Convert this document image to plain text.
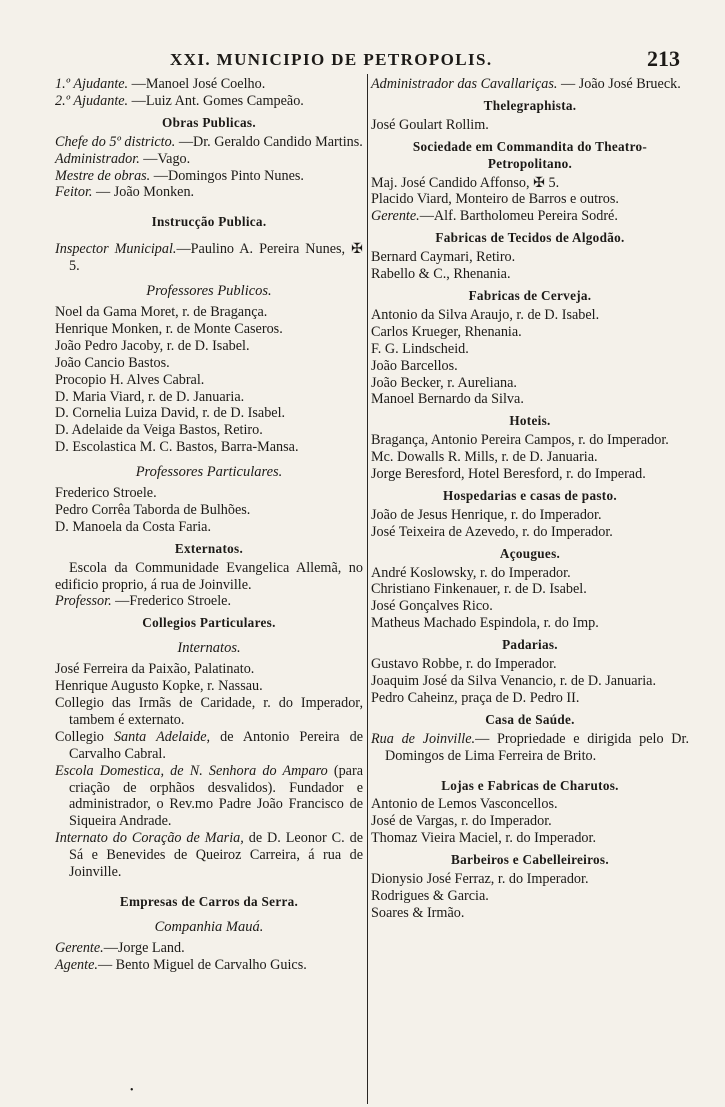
XXI. MUNICIPIO DE PETROPOLIS.	213
1.º Ajudante. —Manoel José Coelho.
2.º Ajudante. —Luiz Ant. Gomes Campeão.
Obras Publicas.
Chefe do 5º districto. —Dr. Geraldo Candido Martins.
Administrador. —Vago.
Mestre de obras. —Domingos Pinto Nunes.
Feitor. — João Monken.
Instrucção Publica.
Inspector Municipal.—Paulino A. Pereira Nunes, ✠ 5.
Professores Publicos.
Noel da Gama Moret, r. de Bragança.
Henrique Monken, r. de Monte Caseros.
João Pedro Jacoby, r. de D. Isabel.
João Cancio Bastos.
Procopio H. Alves Cabral.
D. Maria Viard, r. de D. Januaria.
D. Cornelia Luiza David, r. de D. Isabel.
D. Adelaide da Veiga Bastos, Retiro.
D. Escolastica M. C. Bastos, Barra-Mansa.
Professores Particulares.
Frederico Stroele.
Pedro Corrêa Taborda de Bulhões.
D. Manoela da Costa Faria.
Externatos.
Escola da Communidade Evangelica Allemã, no edificio proprio, á rua de Joinville.
Professor. —Frederico Stroele.
Collegios Particulares.
Internatos.
José Ferreira da Paixão, Palatinato.
Henrique Augusto Kopke, r. Nassau.
Collegio das Irmãs de Caridade, r. do Imperador, tambem é externato.
Collegio Santa Adelaide, de Antonio Pereira de Carvalho Cabral.
Escola Domestica, de N. Senhora do Amparo (para criação de orphãos desvalidos). Fundador e administrador, o Rev.mo Padre João Francisco de Siqueira Andrade.
Internato do Coração de Maria, de D. Leonor C. de Sá e Benevides de Queiroz Carreira, á rua de Joinville.
Empresas de Carros da Serra.
Companhia Mauá.
Gerente.—Jorge Land.
Agente.— Bento Miguel de Carvalho Guics.
Administrador das Cavallariças. — João José Brueck.
Thelegraphista.
José Goulart Rollim.
Sociedade em Commandita do Theatro-Petropolitano.
Maj. José Candido Affonso, ✠ 5.
Placido Viard, Monteiro de Barros e outros.
Gerente.—Alf. Bartholomeu Pereira Sodré.
Fabricas de Tecidos de Algodão.
Bernard Caymari, Retiro.
Rabello & C., Rhenania.
Fabricas de Cerveja.
Antonio da Silva Araujo, r. de D. Isabel.
Carlos Krueger, Rhenania.
F. G. Lindscheid.
João Barcellos.
João Becker, r. Aureliana.
Manoel Bernardo da Silva.
Hoteis.
Bragança, Antonio Pereira Campos, r. do Imperador.
Mc. Dowalls R. Mills, r. de D. Januaria.
Jorge Beresford, Hotel Beresford, r. do Imperad.
Hospedarias e casas de pasto.
João de Jesus Henrique, r. do Imperador.
José Teixeira de Azevedo, r. do Imperador.
Açougues.
André Koslowsky, r. do Imperador.
Christiano Finkenauer, r. de D. Isabel.
José Gonçalves Rico.
Matheus Machado Espindola, r. do Imp.
Padarias.
Gustavo Robbe, r. do Imperador.
Joaquim José da Silva Venancio, r. de D. Januaria.
Pedro Caheinz, praça de D. Pedro II.
Casa de Saúde.
Rua de Joinville.— Propriedade e dirigida pelo Dr. Domingos de Lima Ferreira de Brito.
Lojas e Fabricas de Charutos.
Antonio de Lemos Vasconcellos.
José de Vargas, r. do Imperador.
Thomaz Vieira Maciel, r. do Imperador.
Barbeiros e Cabelleireiros.
Dionysio José Ferraz, r. do Imperador.
Rodrigues & Garcia.
Soares & Irmão.
•
